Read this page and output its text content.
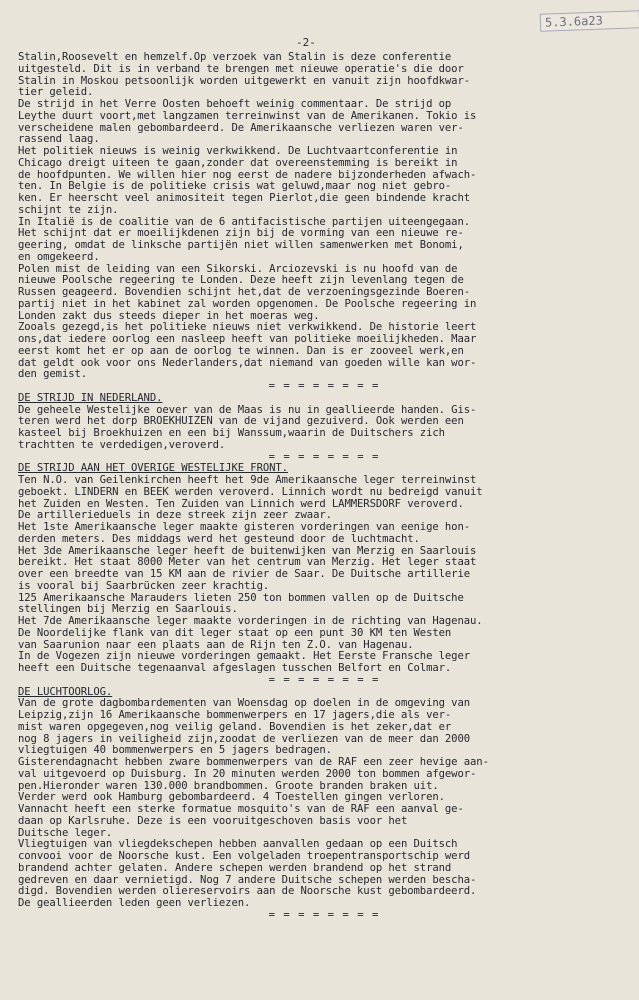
5.3.6a23
-2-
Stalin,Roosevelt en hemzelf.Op verzoek van Stalin is deze conferentie
uitgesteld. Dit is in verband te brengen met nieuwe operatie's die door
Stalin in Moskou petsoonlijk worden uitgewerkt en vanuit zijn hoofdkwar-
tier geleid.
De strijd in het Verre Oosten behoeft weinig commentaar. De strijd op
Leythe duurt voort,met langzamen terreinwinst van de Amerikanen. Tokio is
verscheidene malen gebombardeerd. De Amerikaansche verliezen waren ver-
rassend laag.
Het politiek nieuws is weinig verkwikkend. De Luchtvaartconferentie in
Chicago dreigt uiteen te gaan,zonder dat overeenstemming is bereikt in
de hoofdpunten. We willen hier nog eerst de nadere bijzonderheden afwach-
ten. In Belgie is de politieke crisis wat geluwd,maar nog niet gebro-
ken. Er heerscht veel animositeit tegen Pierlot,die geen bindende kracht
schijnt te zijn.
In Italië is de coalitie van de 6 antifacistische partijen uiteengegaan.
Het schijnt dat er moeilijkdenen zijn bij de vorming van een nieuwe re-
geering, omdat de linksche partijën niet willen samenwerken met Bonomi,
en omgekeerd.
Polen mist de leiding van een Sikorski. Arciozevski is nu hoofd van de
nieuwe Poolsche regeering te Londen. Deze heeft zijn levenlang tegen de
Russen geageerd. Bovendien schijnt het,dat de verzoeningsgezinde Boeren-
partij niet in het kabinet zal worden opgenomen. De Poolsche regeering in
Londen zakt dus steeds dieper in het moeras weg.
Zooals gezegd,is het politieke nieuws niet verkwikkend. De historie leert
ons,dat iedere oorlog een nasleep heeft van politieke moeilijkheden. Maar
eerst komt het er op aan de oorlog te winnen. Dan is er zooveel werk,en
dat geldt ook voor ons Nederlanders,dat niemand van goeden wille kan wor-
den gemist.
= = = = = = = =
DE STRIJD IN NEDERLAND.
De geheele Westelijke oever van de Maas is nu in geallieerde handen. Gis-
teren werd het dorp BROEKHUIZEN van de vijand gezuiverd. Ook werden een
kasteel bij Broekhuizen en een bij Wanssum,waarin de Duitschers zich
trachtten te verdedigen,veroverd.
= = = = = = = =
DE STRIJD AAN HET OVERIGE WESTELIJKE FRONT.
Ten N.O. van Geilenkirchen heeft het 9de Amerikaansche leger terreinwinst
geboekt. LINDERN en BEEK werden veroverd. Linnich wordt nu bedreigd vanuit
het Zuiden en Westen. Ten Zuiden van Linnich werd LAMMERSDORF veroverd.
De artillerieduels in deze streek zijn zeer zwaar.
Het 1ste Amerikaansche leger maakte gisteren vorderingen van eenige hon-
derden meters. Des middags werd het gesteund door de luchtmacht.
Het 3de Amerikaansche leger heeft de buitenwijken van Merzig en Saarlouis
bereikt. Het staat 8000 Meter van het centrum van Merzig. Het leger staat
over een breedte van 15 KM aan de rivier de Saar. De Duitsche artillerie
is vooral bij Saarbrücken zeer krachtig.
125 Amerikaansche Marauders lieten 250 ton bommen vallen op de Duitsche
stellingen bij Merzig en Saarlouis.
Het 7de Amerikaansche leger maakte vorderingen in de richting van Hagenau.
De Noordelijke flank van dit leger staat op een punt 30 KM ten Westen
van Saarunion naar een plaats aan de Rijn ten Z.O. van Hagenau.
In de Vogezen zijn nieuwe vorderingen gemaakt. Het Eerste Fransche leger
heeft een Duitsche tegenaanval afgeslagen tusschen Belfort en Colmar.
= = = = = = = =
DE LUCHTOORLOG.
Van de grote dagbombardementen van Woensdag op doelen in de omgeving van
Leipzig,zijn 16 Amerikaansche bommenwerpers en 17 jagers,die als ver-
mist waren opgegeven,nog veilig geland. Bovendien is het zeker,dat er
nog 8 jagers in veiligheid zijn,zoodat de verliezen van de meer dan 2000
vliegtuigen 40 bommenwerpers en 5 jagers bedragen.
Gisterendagnacht hebben zware bommenwerpers van de RAF een zeer hevige aan-
val uitgevoerd op Duisburg. In 20 minuten werden 2000 ton bommen afgewor-
pen.Hieronder waren 130.000 brandbommen. Groote branden braken uit.
Verder werd ook Hamburg gebombardeerd. 4 Toestellen gingen verloren.
Vannacht heeft een sterke formatue mosquito's van de RAF een aanval ge-
daan op Karlsruhe. Deze is een vooruitgeschoven basis voor het
Duitsche leger.
Vliegtuigen van vliegdekschepen hebben aanvallen gedaan op een Duitsch
convooi voor de Noorsche kust. Een volgeladen troepentransportschip werd
brandend achter gelaten. Andere schepen werden brandend op het strand
gedreven en daar vernietigd. Nog 7 andere Duitsche schepen werden bescha-
digd. Bovendien werden oliereservoirs aan de Noorsche kust gebombardeerd.
De geallieerden leden geen verliezen.
= = = = = = = =
